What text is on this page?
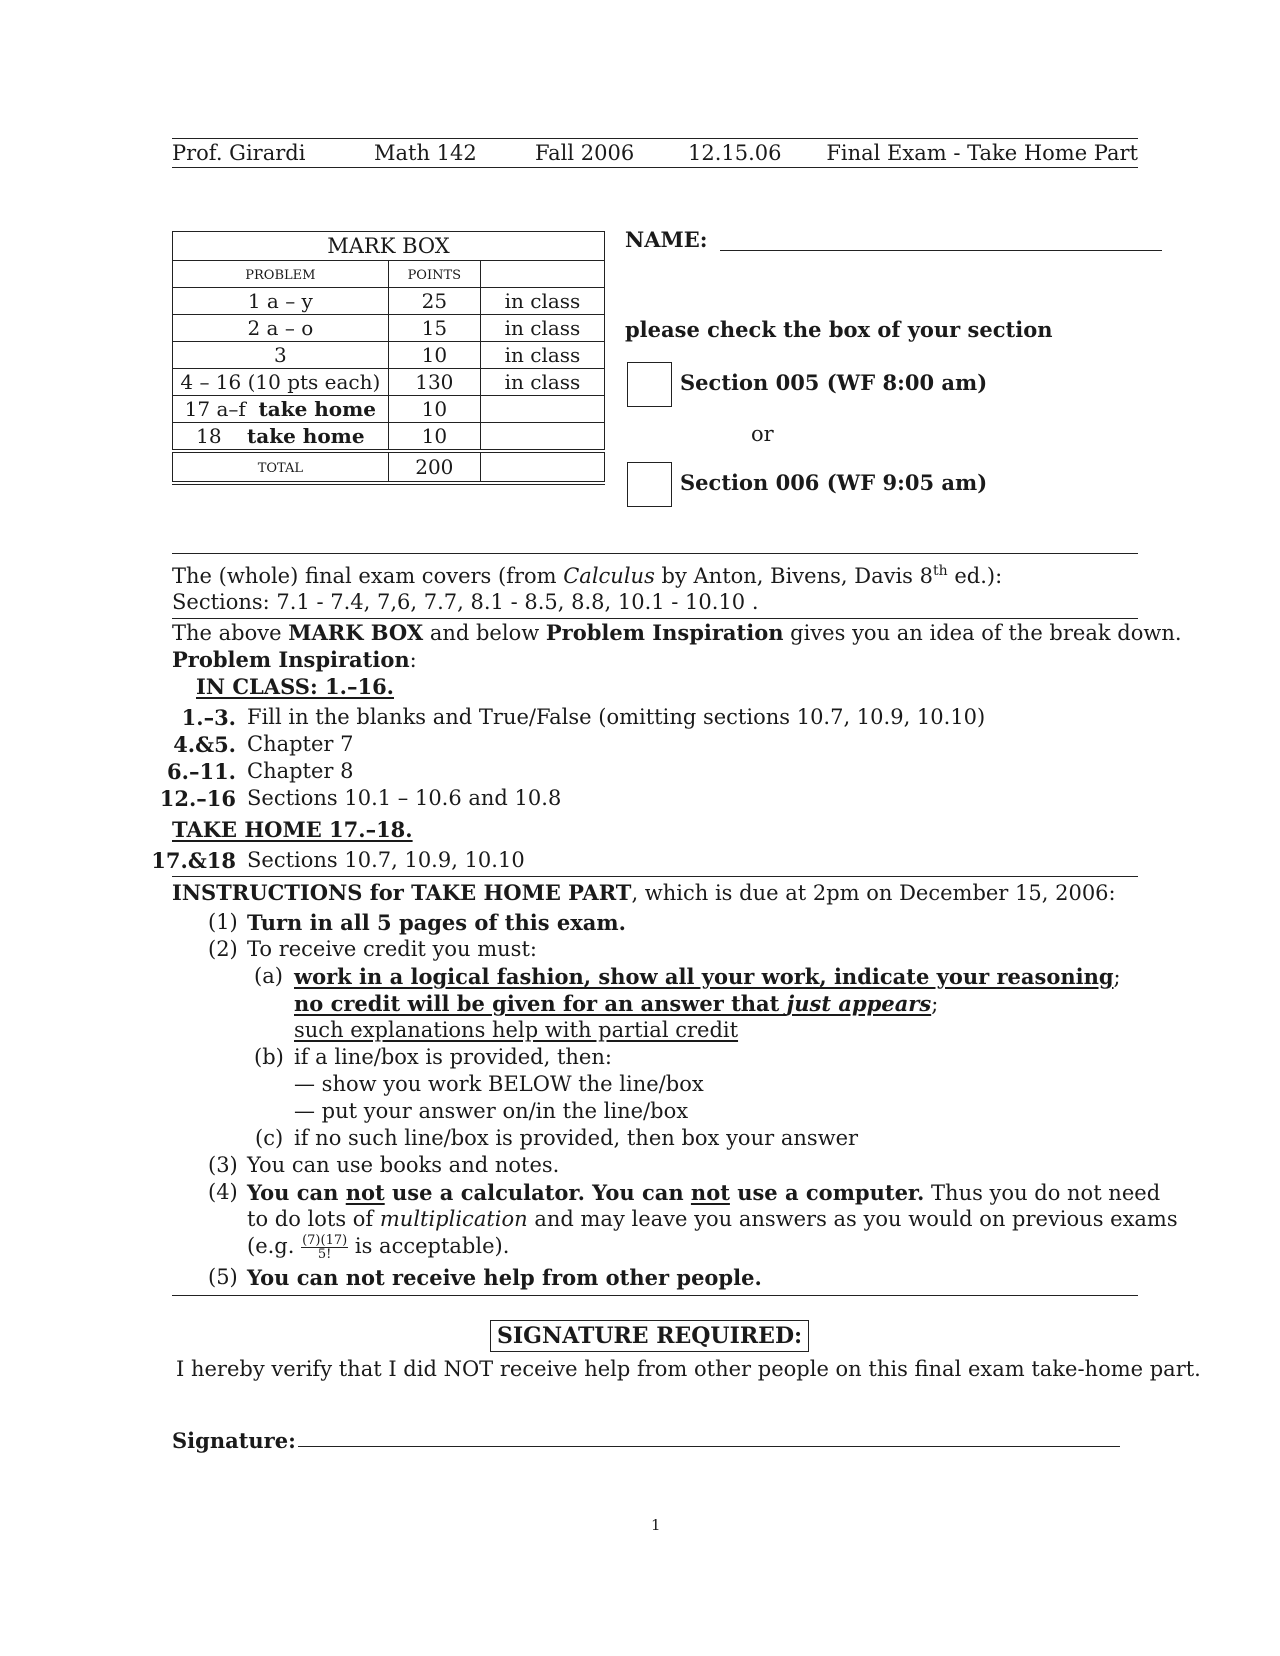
Prof. Girardi	Math 142	Fall 2006	12.15.06 Final Exam - Take Home Part
MARK BOX		
problem	points	
1 a – y	25	in class
2 a – o	15	in class
3	10	in class
4 – 16 (10 pts each)	130	in class
17 a–f take home	10	
18 take home	10	
total	200	
NAME:
please check the box of your section
Section 005 (WF 8:00 am)
or
Section 006 (WF 9:05 am)
The (whole) final exam covers (from Calculus by Anton, Bivens, Davis 8th ed.):
Sections: 7.1 - 7.4, 7,6, 7.7, 8.1 - 8.5, 8.8, 10.1 - 10.10 .
The above MARK BOX and below Problem Inspiration gives you an idea of the break down.
Problem Inspiration:
IN CLASS: 1.–16.
1.–3. Fill in the blanks and True/False (omitting sections 10.7, 10.9, 10.10)
4.&5. Chapter 7
6.–11. Chapter 8
12.–16 Sections 10.1 – 10.6 and 10.8
TAKE HOME 17.–18.
17.&18 Sections 10.7, 10.9, 10.10
INSTRUCTIONS for TAKE HOME PART, which is due at 2pm on December 15, 2006:
(1) Turn in all 5 pages of this exam.
(2) To receive credit you must:
(a) work in a logical fashion, show all your work, indicate your reasoning;
no credit will be given for an answer that just appears;
such explanations help with partial credit
(b) if a line/box is provided, then:
— show you work BELOW the line/box
— put your answer on/in the line/box
(c) if no such line/box is provided, then box your answer
(3) You can use books and notes.
(4) You can not use a calculator. You can not use a computer. Thus you do not need
to do lots of multiplication and may leave you answers as you would on previous exams
(e.g. $\frac{(7)(17)}{5!}$ is acceptable).
(5) You can not receive help from other people.
SIGNATURE REQUIRED:
I hereby verify that I did NOT receive help from other people on this final exam take-home part.
Signature:
1
